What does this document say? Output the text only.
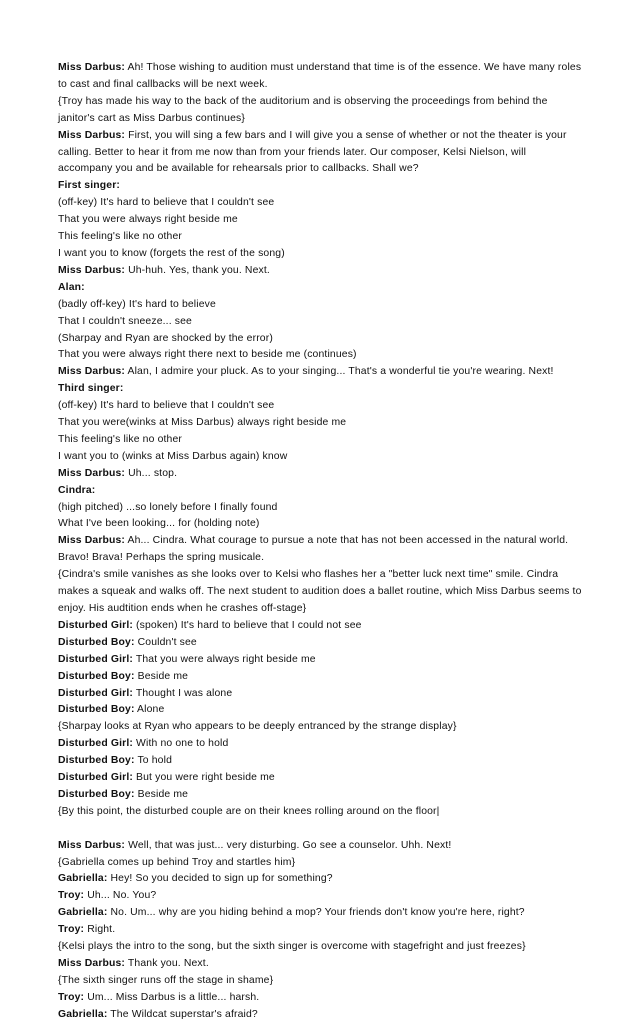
Miss Darbus: Ah! Those wishing to audition must understand that time is of the essence. We have many roles to cast and final callbacks will be next week.
{Troy has made his way to the back of the auditorium and is observing the proceedings from behind the janitor's cart as Miss Darbus continues}
Miss Darbus: First, you will sing a few bars and I will give you a sense of whether or not the theater is your calling. Better to hear it from me now than from your friends later. Our composer, Kelsi Nielson, will accompany you and be available for rehearsals prior to callbacks. Shall we?
First singer:
(off-key) It's hard to believe that I couldn't see
That you were always right beside me
This feeling's like no other
I want you to know (forgets the rest of the song)
Miss Darbus: Uh-huh. Yes, thank you. Next.
Alan:
(badly off-key) It's hard to believe
That I couldn't sneeze... see
(Sharpay and Ryan are shocked by the error)
That you were always right there next to beside me (continues)
Miss Darbus: Alan, I admire your pluck. As to your singing... That's a wonderful tie you're wearing. Next!
Third singer:
(off-key) It's hard to believe that I couldn't see
That you were(winks at Miss Darbus) always right beside me
This feeling's like no other
I want you to (winks at Miss Darbus again) know
Miss Darbus: Uh... stop.
Cindra:
(high pitched) ...so lonely before I finally found
What I've been looking... for (holding note)
Miss Darbus: Ah... Cindra. What courage to pursue a note that has not been accessed in the natural world. Bravo! Brava! Perhaps the spring musicale.
{Cindra's smile vanishes as she looks over to Kelsi who flashes her a "better luck next time" smile. Cindra makes a squeak and walks off. The next student to audition does a ballet routine, which Miss Darbus seems to enjoy. His audtition ends when he crashes off-stage}
Disturbed Girl: (spoken) It's hard to believe that I could not see
Disturbed Boy: Couldn't see
Disturbed Girl: That you were always right beside me
Disturbed Boy: Beside me
Disturbed Girl: Thought I was alone
Disturbed Boy: Alone
{Sharpay looks at Ryan who appears to be deeply entranced by the strange display}
Disturbed Girl: With no one to hold
Disturbed Boy: To hold
Disturbed Girl: But you were right beside me
Disturbed Boy: Beside me
{By this point, the disturbed couple are on their knees rolling around on the floor|
Miss Darbus: Well, that was just... very disturbing. Go see a counselor. Uhh. Next!
{Gabriella comes up behind Troy and startles him}
Gabriella: Hey! So you decided to sign up for something?
Troy: Uh... No. You?
Gabriella: No. Um... why are you hiding behind a mop? Your friends don't know you're here, right?
Troy: Right.
{Kelsi plays the intro to the song, but the sixth singer is overcome with stagefright and just freezes}
Miss Darbus: Thank you. Next.
{The sixth singer runs off the stage in shame}
Troy: Um... Miss Darbus is a little... harsh.
Gabriella: The Wildcat superstar's afraid?
